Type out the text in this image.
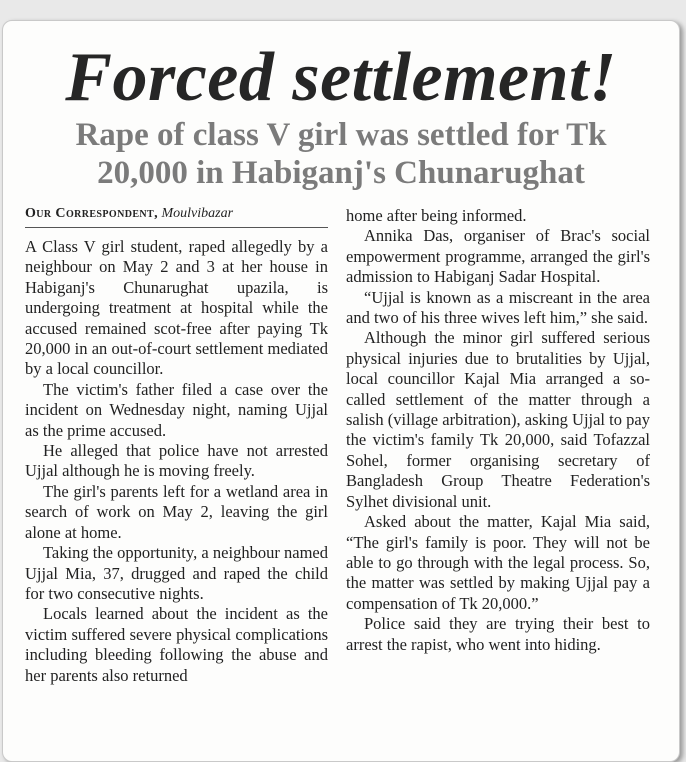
Forced settlement!
Rape of class V girl was settled for Tk
20,000 in Habiganj's Chunarughat
Our Correspondent, Moulvibazar

A Class V girl student, raped allegedly by a neighbour on May 2 and 3 at her house in Habiganj's Chunarughat upazila, is undergoing treatment at hospital while the accused remained scot-free after paying Tk 20,000 in an out-of-court settlement mediated by a local councillor.

The victim's father filed a case over the incident on Wednesday night, naming Ujjal as the prime accused.

He alleged that police have not arrested Ujjal although he is moving freely.

The girl's parents left for a wetland area in search of work on May 2, leaving the girl alone at home.

Taking the opportunity, a neighbour named Ujjal Mia, 37, drugged and raped the child for two consecutive nights.

Locals learned about the incident as the victim suffered severe physical complications including bleeding following the abuse and her parents also returned

home after being informed.

Annika Das, organiser of Brac's social empowerment programme, arranged the girl's admission to Habiganj Sadar Hospital.

“Ujjal is known as a miscreant in the area and two of his three wives left him,” she said.

Although the minor girl suffered serious physical injuries due to brutalities by Ujjal, local councillor Kajal Mia arranged a so-called settlement of the matter through a salish (village arbitration), asking Ujjal to pay the victim's family Tk 20,000, said Tofazzal Sohel, former organising secretary of Bangladesh Group Theatre Federation's Sylhet divisional unit.

Asked about the matter, Kajal Mia said, “The girl's family is poor. They will not be able to go through with the legal process. So, the matter was settled by making Ujjal pay a compensation of Tk 20,000.”

Police said they are trying their best to arrest the rapist, who went into hiding.
